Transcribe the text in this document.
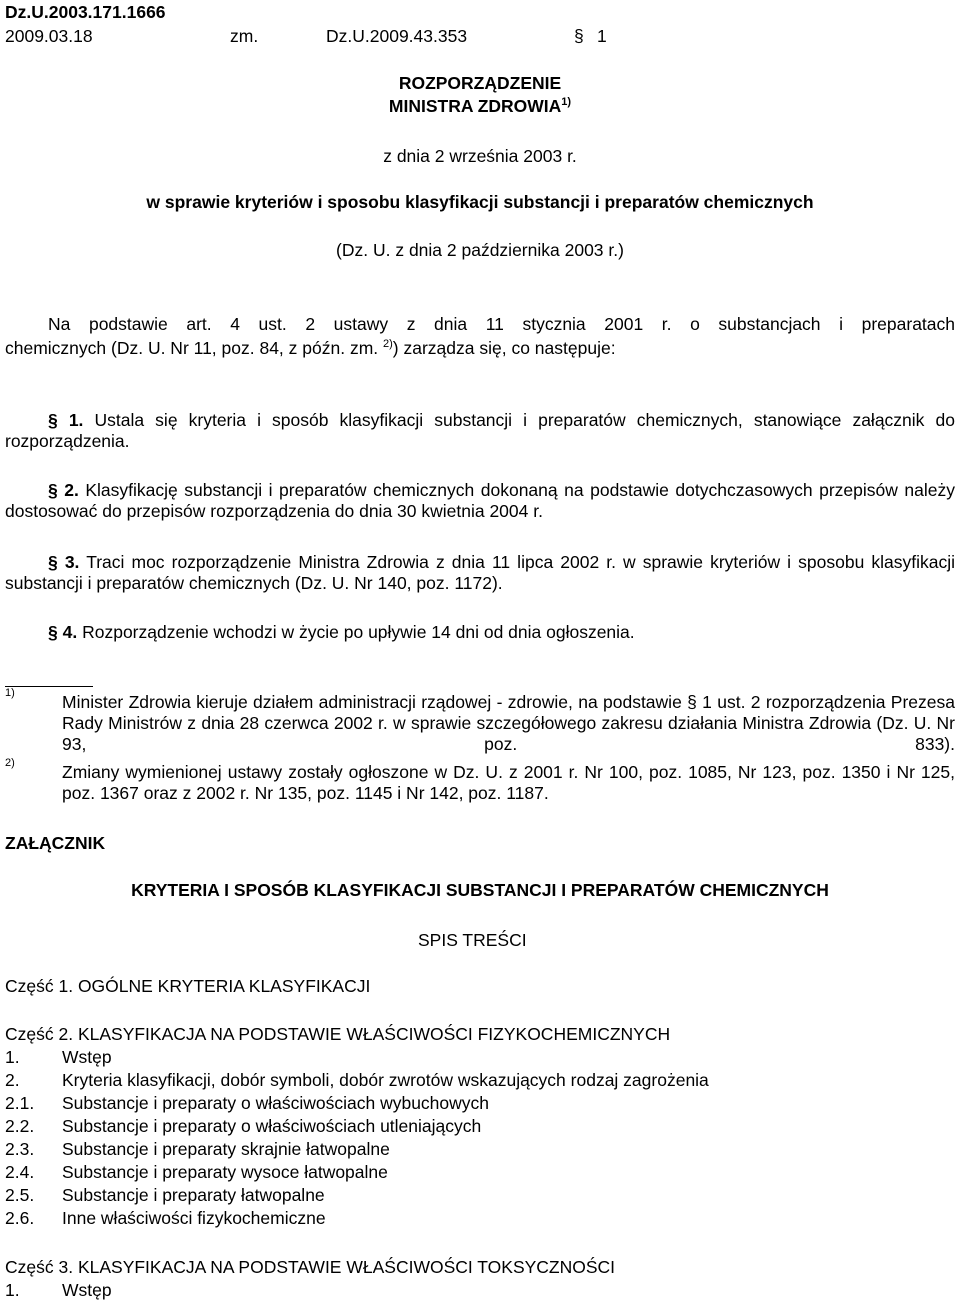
Dz.U.2003.171.1666
2009.03.18	zm.	Dz.U.2009.43.353	§ 1
ROZPORZĄDZENIE
MINISTRA ZDROWIA$^{1)}$
z dnia 2 września 2003 r.
w sprawie kryteriów i sposobu klasyfikacji substancji i preparatów chemicznych
(Dz. U. z dnia 2 października 2003 r.)
Na podstawie art. 4 ust. 2 ustawy z dnia 11 stycznia 2001 r. o substancjach i preparatach
chemicznych (Dz. U. Nr 11, poz. 84, z późn. zm. $^{2)}$) zarządza się, co następuje:
§ 1. Ustala się kryteria i sposób klasyfikacji substancji i preparatów chemicznych, stanowiące załącznik do rozporządzenia.
§ 2. Klasyfikację substancji i preparatów chemicznych dokonaną na podstawie dotychczasowych przepisów należy dostosować do przepisów rozporządzenia do dnia 30 kwietnia 2004 r.
§ 3. Traci moc rozporządzenie Ministra Zdrowia z dnia 11 lipca 2002 r. w sprawie kryteriów i sposobu klasyfikacji substancji i preparatów chemicznych (Dz. U. Nr 140, poz. 1172).
§ 4. Rozporządzenie wchodzi w życie po upływie 14 dni od dnia ogłoszenia.
1)	Minister Zdrowia kieruje działem administracji rządowej - zdrowie, na podstawie § 1 ust. 2 rozporządzenia Prezesa Rady Ministrów z dnia 28 czerwca 2002 r. w sprawie szczegółowego zakresu działania Ministra Zdrowia (Dz. U. Nr 93, poz. 833).
2)	Zmiany wymienionej ustawy zostały ogłoszone w Dz. U. z 2001 r. Nr 100, poz. 1085, Nr 123, poz. 1350 i Nr 125, poz. 1367 oraz z 2002 r. Nr 135, poz. 1145 i Nr 142, poz. 1187.
ZAŁĄCZNIK
KRYTERIA I SPOSÓB KLASYFIKACJI SUBSTANCJI I PREPARATÓW CHEMICZNYCH
SPIS TREŚCI
Część 1. OGÓLNE KRYTERIA KLASYFIKACJI
Część 2. KLASYFIKACJA NA PODSTAWIE WŁAŚCIWOŚCI FIZYKOCHEMICZNYCH
1. Wstęp
2. Kryteria klasyfikacji, dobór symboli, dobór zwrotów wskazujących rodzaj zagrożenia
2.1. Substancje i preparaty o właściwościach wybuchowych
2.2. Substancje i preparaty o właściwościach utleniających
2.3. Substancje i preparaty skrajnie łatwopalne
2.4. Substancje i preparaty wysoce łatwopalne
2.5. Substancje i preparaty łatwopalne
2.6. Inne właściwości fizykochemiczne
Część 3. KLASYFIKACJA NA PODSTAWIE WŁAŚCIWOŚCI TOKSYCZNOŚCI
1. Wstęp
